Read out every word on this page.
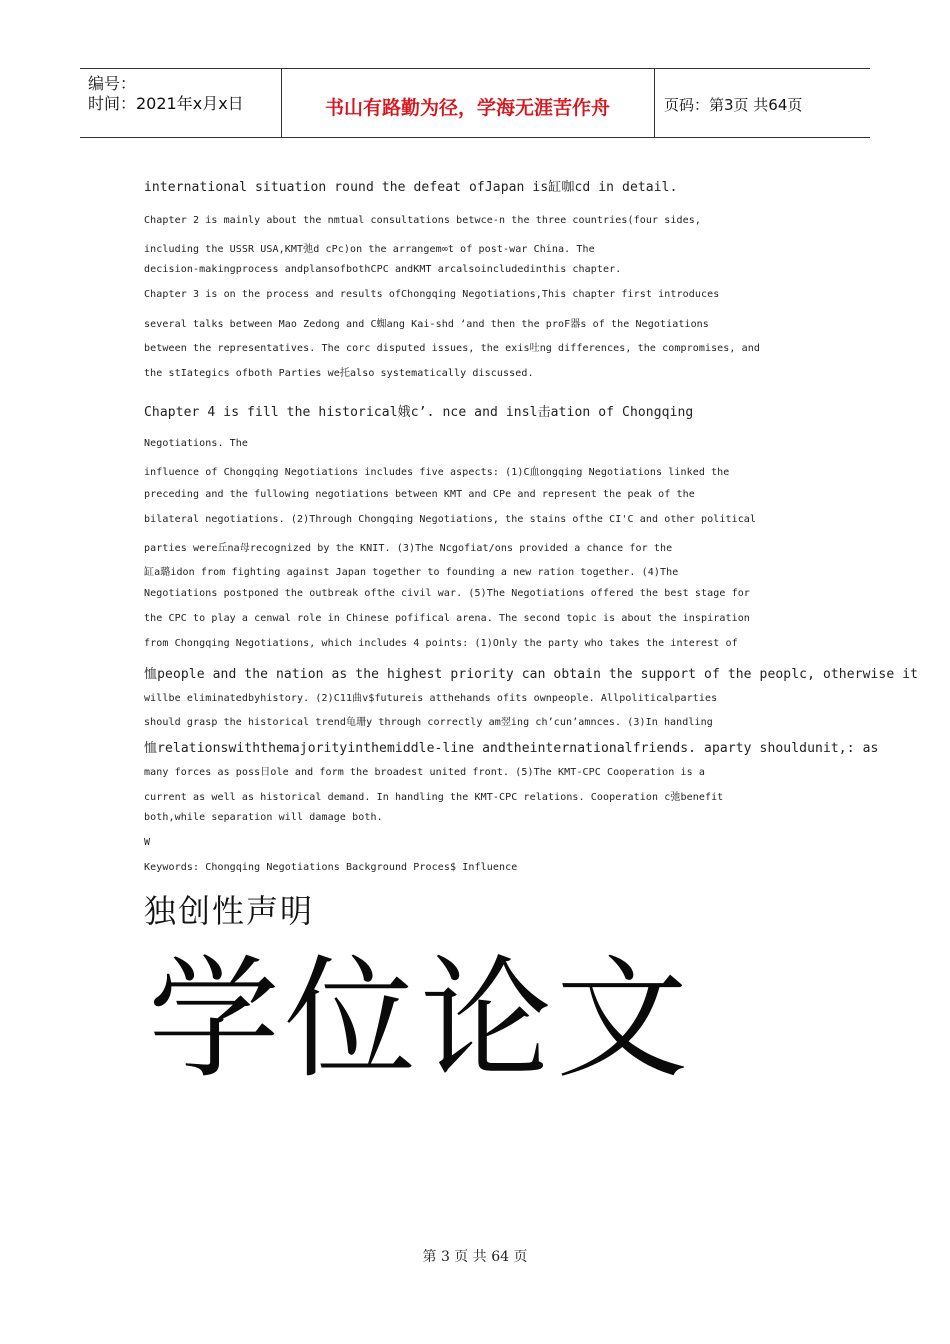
编号：
时间：2021年x月x日	书山有路勤为径，学海无涯苦作舟	页码：第3页 共64页
international situation round the defeat ofJapan is缸咖cd in detail.
Chapter 2 is mainly about the nmtual consultations betwce-n the three countries(four sides,
including the USSR USA,KMT弛d cPc)on the arrangem∞t of post-war China. The
decision-makingprocess andplansofbothCPC andKMT arcalsoincludedinthis chapter.
Chapter 3 is on the process and results ofChongqing Negotiations,This chapter first introduces
several talks between Mao Zedong and C蜘ang Kai-shd ‘and then the proF器s of the Negotiations
between the representatives. The corc disputed issues, the exis吐ng differences, the compromises, and
the stIategics ofboth Parties we托also systematically discussed.
Chapter 4 is fill the historical娥c’. nce and insl击ation of Chongqing
Negotiations. The
influence of Chongqing Negotiations includes five aspects: (1)C血ongqing Negotiations linked the
preceding and the fullowing negotiations between KMT and CPe and represent the peak of the
bilateral negotiations. (2)Through Chongqing Negotiations, the stains ofthe CI'C and other political
parties were丘na母recognized by the KNIT. (3)The Ncgofiat/ons provided a chance for the
缸a璐idon from fighting against Japan together to founding a new ration together. (4)The
Negotiations postponed the outbreak ofthe civil war. (5)The Negotiations offered the best stage for
the CPC to play a cenwal role in Chinese pofifical arena. The second topic is about the inspiration
from Chongqing Negotiations, which includes 4 points: (1)Only the party who takes the interest of
恤people and the nation as the highest priority can obtain the support of the peoplc, otherwise it
willbe eliminatedbyhistory. (2)C11曲v$futureis atthehands ofits ownpeople. Allpoliticalparties
should grasp the historical trend龟珊y through correctly am翌ing ch’cun’amnces. (3)In handling
恤relationswiththemajorityinthemiddle-line andtheinternationalfriends. aparty shouldunit,: as
many forces as poss日ole and form the broadest united front. (5)The KMT-CPC Cooperation is a
current as well as historical demand. In handling the KMT-CPC relations. Cooperation c弛benefit
both,while separation will damage both.
W
Keywords: Chongqing Negotiations Background Proces$ Influence
独创性声明
学位论文
第 3 页 共 64 页
